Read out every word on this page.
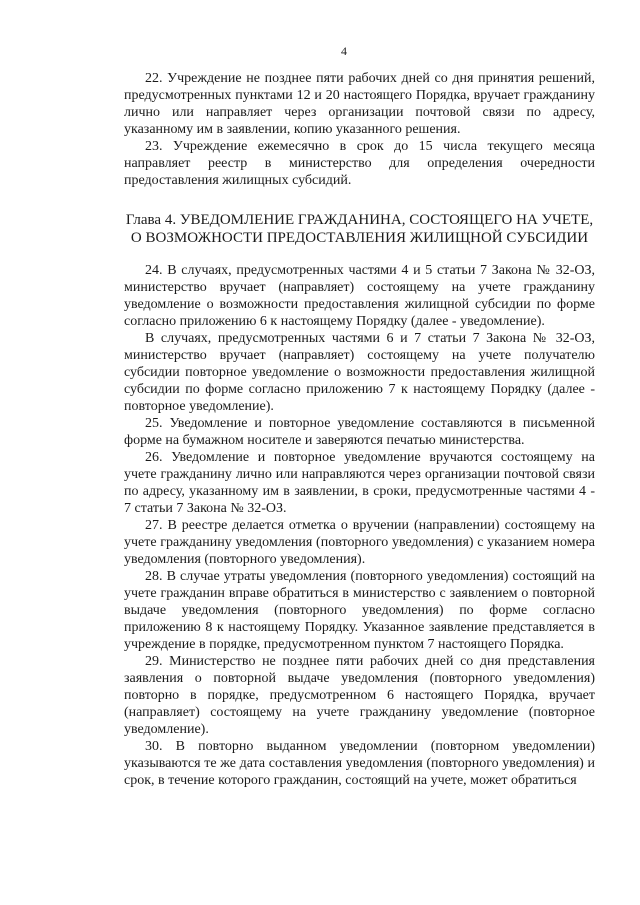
4

22. Учреждение не позднее пяти рабочих дней со дня принятия решений, предусмотренных пунктами 12 и 20 настоящего Порядка, вручает гражданину лично или направляет через организации почтовой связи по адресу, указанному им в заявлении, копию указанного решения.

23. Учреждение ежемесячно в срок до 15 числа текущего месяца направляет реестр в министерство для определения очередности предоставления жилищных субсидий.

Глава 4. УВЕДОМЛЕНИЕ ГРАЖДАНИНА, СОСТОЯЩЕГО НА УЧЕТЕ,
О ВОЗМОЖНОСТИ ПРЕДОСТАВЛЕНИЯ ЖИЛИЩНОЙ СУБСИДИИ

24. В случаях, предусмотренных частями 4 и 5 статьи 7 Закона № 32-ОЗ, министерство вручает (направляет) состоящему на учете гражданину уведомление о возможности предоставления жилищной субсидии по форме согласно приложению 6 к настоящему Порядку (далее - уведомление).

В случаях, предусмотренных частями 6 и 7 статьи 7 Закона № 32-ОЗ, министерство вручает (направляет) состоящему на учете получателю субсидии повторное уведомление о возможности предоставления жилищной субсидии по форме согласно приложению 7 к настоящему Порядку (далее - повторное уведомление).

25. Уведомление и повторное уведомление составляются в письменной форме на бумажном носителе и заверяются печатью министерства.

26. Уведомление и повторное уведомление вручаются состоящему на учете гражданину лично или направляются через организации почтовой связи по адресу, указанному им в заявлении, в сроки, предусмотренные частями 4 - 7 статьи 7 Закона № 32-ОЗ.

27. В реестре делается отметка о вручении (направлении) состоящему на учете гражданину уведомления (повторного уведомления) с указанием номера уведомления (повторного уведомления).

28. В случае утраты уведомления (повторного уведомления) состоящий на учете гражданин вправе обратиться в министерство с заявлением о повторной выдаче уведомления (повторного уведомления) по форме согласно приложению 8 к настоящему Порядку. Указанное заявление представляется в учреждение в порядке, предусмотренном пунктом 7 настоящего Порядка.

29. Министерство не позднее пяти рабочих дней со дня представления заявления о повторной выдаче уведомления (повторного уведомления) повторно в порядке, предусмотренном 6 настоящего Порядка, вручает (направляет) состоящему на учете гражданину уведомление (повторное уведомление).

30. В повторно выданном уведомлении (повторном уведомлении) указываются те же дата составления уведомления (повторного уведомления) и срок, в течение которого гражданин, состоящий на учете, может обратиться
